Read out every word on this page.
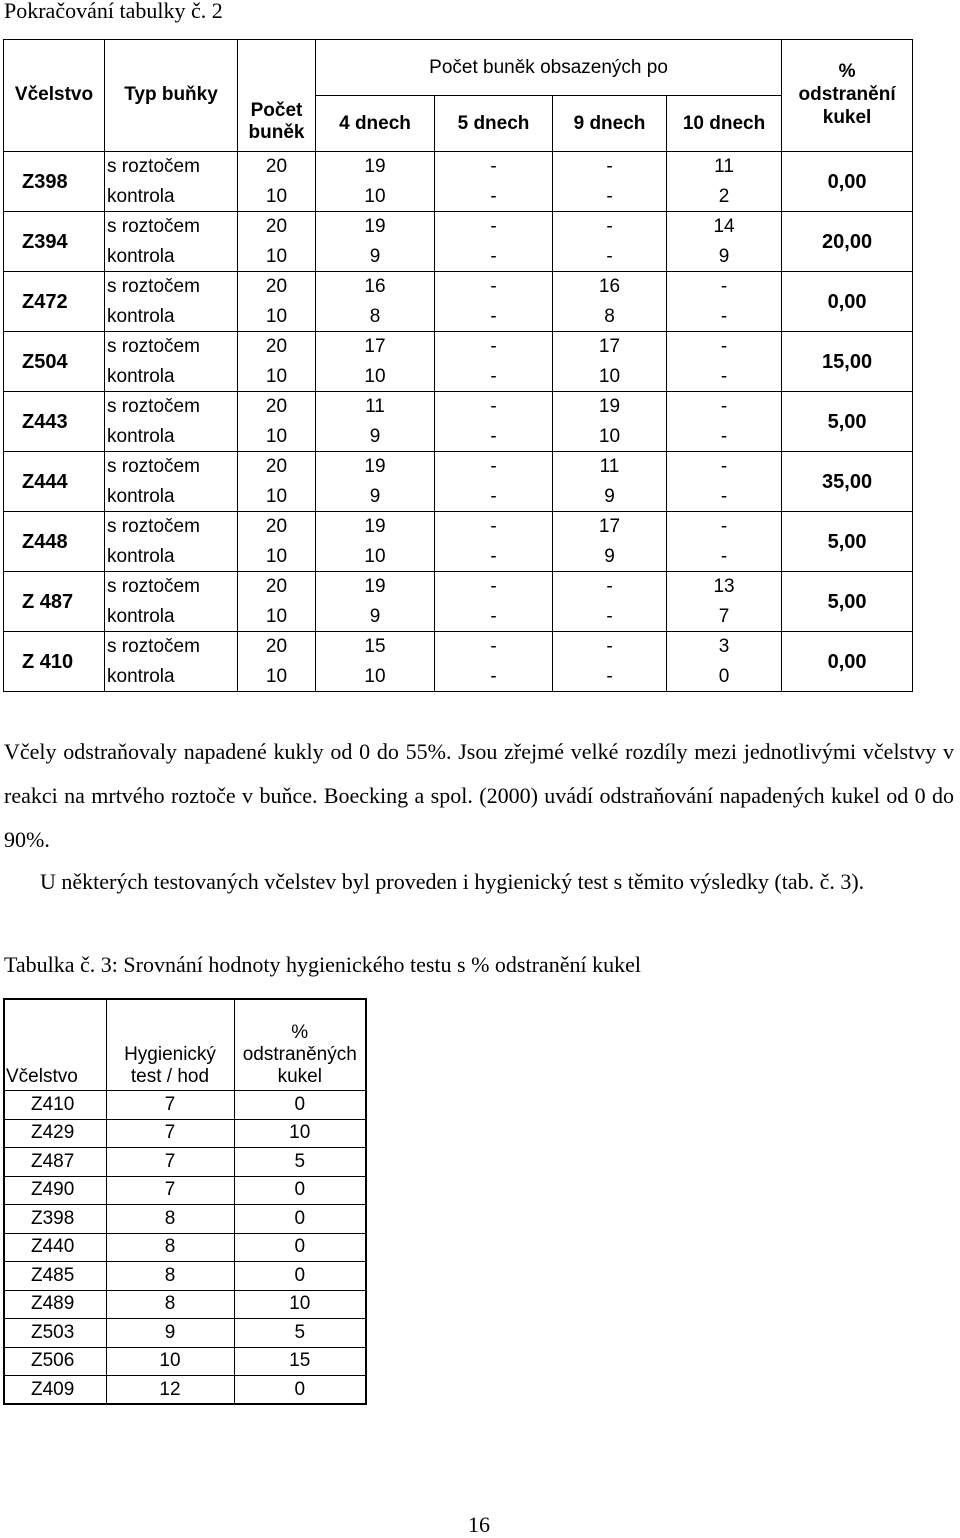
Pokračování tabulky č. 2
Včelstvo	Typ buňky	Počet buněk	Počet buněk obsazených po				% odstranění kukel
			4 dnech	5 dnech	9 dnech	10 dnech	
Z398	s roztočem	20	19	-	-	11	0,00
	kontrola	10	10	-	-	2	
Z394	s roztočem	20	19	-	-	14	20,00
	kontrola	10	9	-	-	9	
Z472	s roztočem	20	16	-	16	-	0,00
	kontrola	10	8	-	8	-	
Z504	s roztočem	20	17	-	17	-	15,00
	kontrola	10	10	-	10	-	
Z443	s roztočem	20	11	-	19	-	5,00
	kontrola	10	9	-	10	-	
Z444	s roztočem	20	19	-	11	-	35,00
	kontrola	10	9	-	9	-	
Z448	s roztočem	20	19	-	17	-	5,00
	kontrola	10	10	-	9	-	
Z 487	s roztočem	20	19	-	-	13	5,00
	kontrola	10	9	-	-	7	
Z 410	s roztočem	20	15	-	-	3	0,00
	kontrola	10	10	-	-	0	
Včely odstraňovaly napadené kukly od 0 do 55%. Jsou zřejmé velké rozdíly mezi jednotlivými včelstvy v reakci na mrtvého roztoče v buňce. Boecking a spol. (2000) uvádí odstraňování napadených kukel od 0 do 90%.
U některých testovaných včelstev byl proveden i hygienický test s těmito výsledky (tab. č. 3).
Tabulka č. 3: Srovnání hodnoty hygienického testu s % odstranění kukel
Včelstvo	Hygienický test / hod	% odstraněných kukel
Z410	7	0
Z429	7	10
Z487	7	5
Z490	7	0
Z398	8	0
Z440	8	0
Z485	8	0
Z489	8	10
Z503	9	5
Z506	10	15
Z409	12	0
16
